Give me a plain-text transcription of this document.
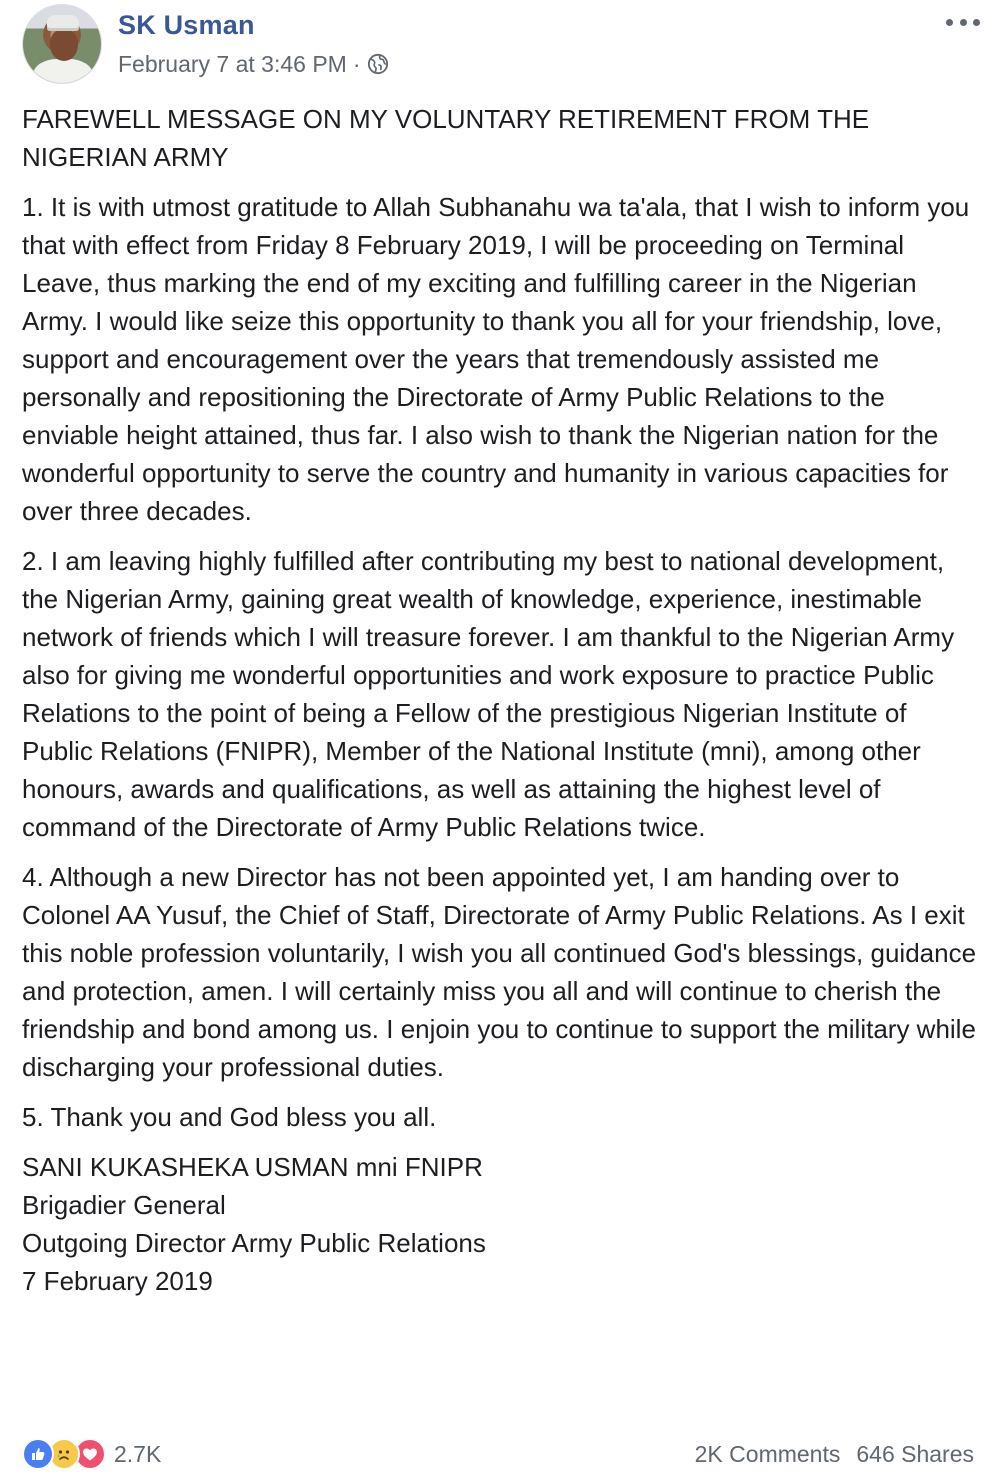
SK Usman
February 7 at 3:46 PM ·

FAREWELL MESSAGE ON MY VOLUNTARY RETIREMENT FROM THE NIGERIAN ARMY

1. It is with utmost gratitude to Allah Subhanahu wa ta'ala, that I wish to inform you that with effect from Friday 8 February 2019, I will be proceeding on Terminal Leave, thus marking the end of my exciting and fulfilling career in the Nigerian Army. I would like seize this opportunity to thank you all for your friendship, love, support and encouragement over the years that tremendously assisted me personally and repositioning the Directorate of Army Public Relations to the enviable height attained, thus far. I also wish to thank the Nigerian nation for the wonderful opportunity to serve the country and humanity in various capacities for over three decades.

2. I am leaving highly fulfilled after contributing my best to national development, the Nigerian Army, gaining great wealth of knowledge, experience, inestimable network of friends which I will treasure forever. I am thankful to the Nigerian Army also for giving me wonderful opportunities and work exposure to practice Public Relations to the point of being a Fellow of the prestigious Nigerian Institute of Public Relations (FNIPR), Member of the National Institute (mni), among other honours, awards and qualifications, as well as attaining the highest level of command of the Directorate of Army Public Relations twice.

4. Although a new Director has not been appointed yet, I am handing over to Colonel AA Yusuf, the Chief of Staff, Directorate of Army Public Relations. As I exit this noble profession voluntarily, I wish you all continued God's blessings, guidance and protection, amen. I will certainly miss you all and will continue to cherish the friendship and bond among us. I enjoin you to continue to support the military while discharging your professional duties.

5. Thank you and God bless you all.

SANI KUKASHEKA USMAN mni FNIPR
Brigadier General
Outgoing Director Army Public Relations
7 February 2019

2.7K	2K Comments 646 Shares
